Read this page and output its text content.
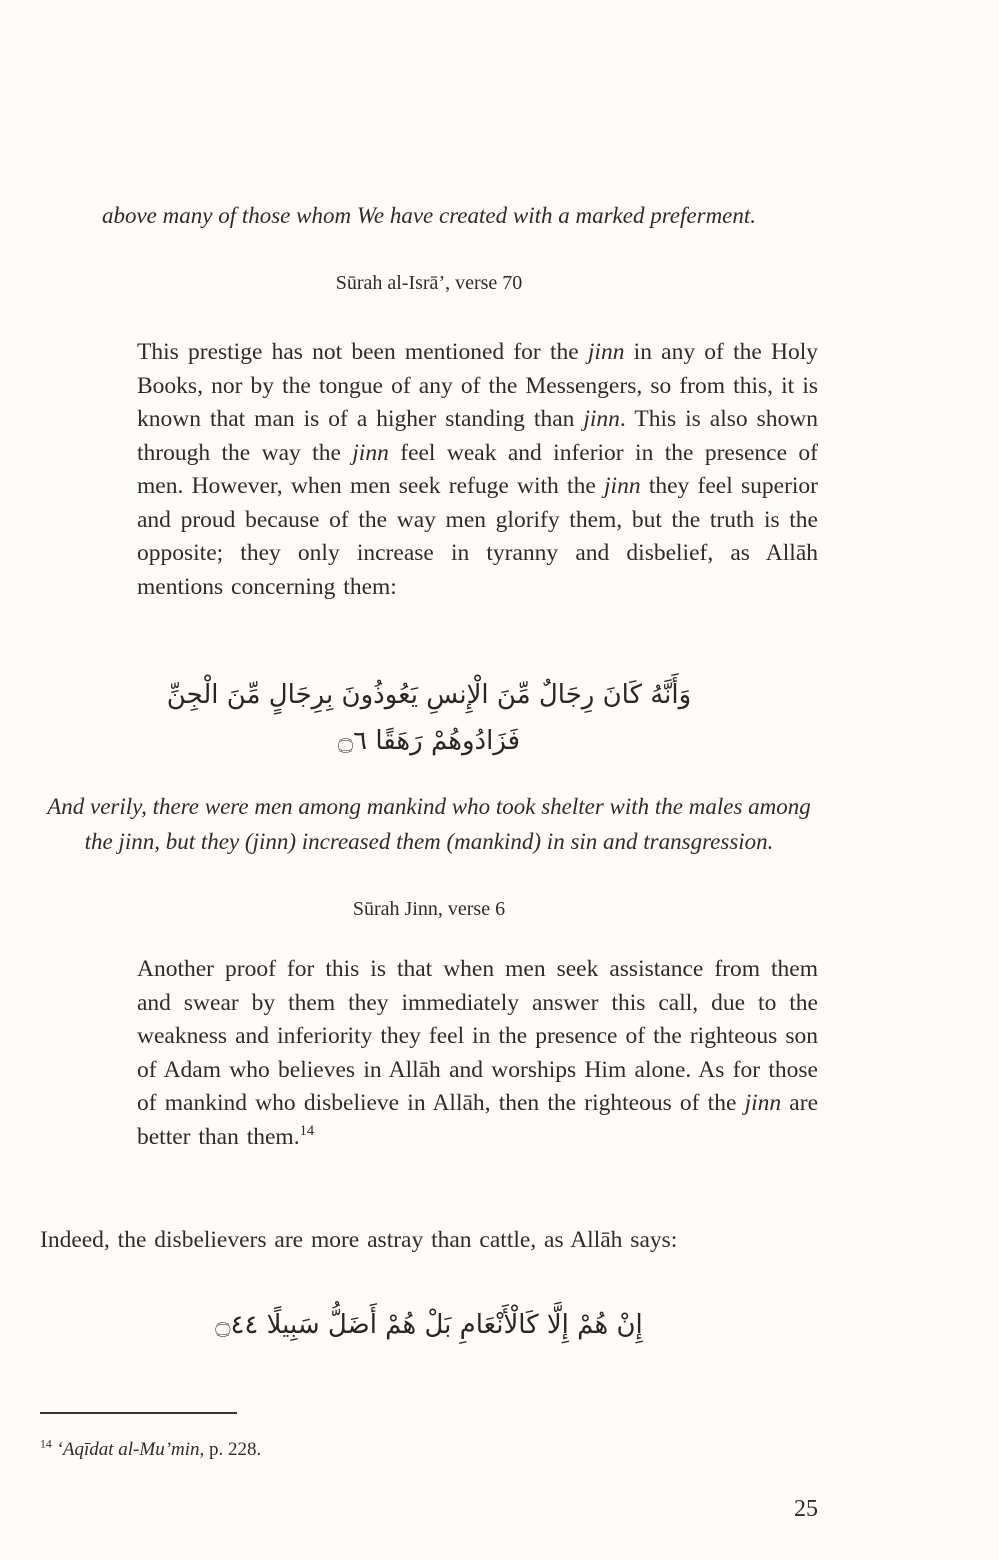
above many of those whom We have created with a marked preferment.
Sūrah al-Isrā’, verse 70

This prestige has not been mentioned for the jinn in any of the Holy Books, nor by the tongue of any of the Messengers, so from this, it is known that man is of a higher standing than jinn. This is also shown through the way the jinn feel weak and inferior in the presence of men. However, when men seek refuge with the jinn they feel superior and proud because of the way men glorify them, but the truth is the opposite; they only increase in tyranny and disbelief, as Allāh mentions concerning them:

وَأَنَّهُ كَانَ رِجَالٌ مِّنَ الْإِنسِ يَعُوذُونَ بِرِجَالٍ مِّنَ الْجِنِّ
فَزَادُوهُمْ رَهَقًا ۝٦
And verily, there were men among mankind who took shelter with the males among the jinn, but they (jinn) increased them (mankind) in sin and transgression.
Sūrah Jinn, verse 6

Another proof for this is that when men seek assistance from them and swear by them they immediately answer this call, due to the weakness and inferiority they feel in the presence of the righteous son of Adam who believes in Allāh and worships Him alone. As for those of mankind who disbelieve in Allāh, then the righteous of the jinn are better than them.$^{14}$

Indeed, the disbelievers are more astray than cattle, as Allāh says:

إِنْ هُمْ إِلَّا كَالْأَنْعَامِ بَلْ هُمْ أَضَلُّ سَبِيلًا ۝٤٤
$^{14}$ ‘Aqīdat al-Mu’min, p. 228.
25
